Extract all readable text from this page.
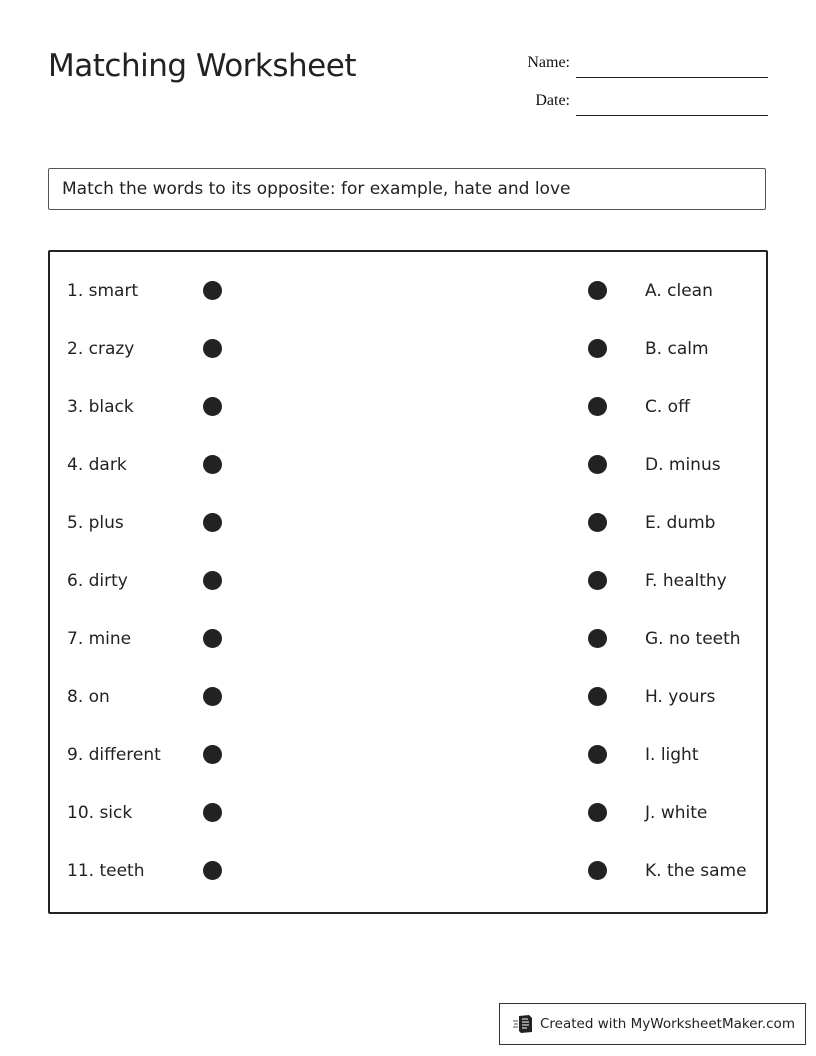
Matching Worksheet	Name:
Date:
Match the words to its opposite: for example, hate and love
1. smart	A. clean
2. crazy	B. calm
3. black	C. off
4. dark	D. minus
5. plus	E. dumb
6. dirty	F. healthy
7. mine	G. no teeth
8. on	H. yours
9. different	I. light
10. sick	J. white
11. teeth	K. the same
Created with MyWorksheetMaker.com
